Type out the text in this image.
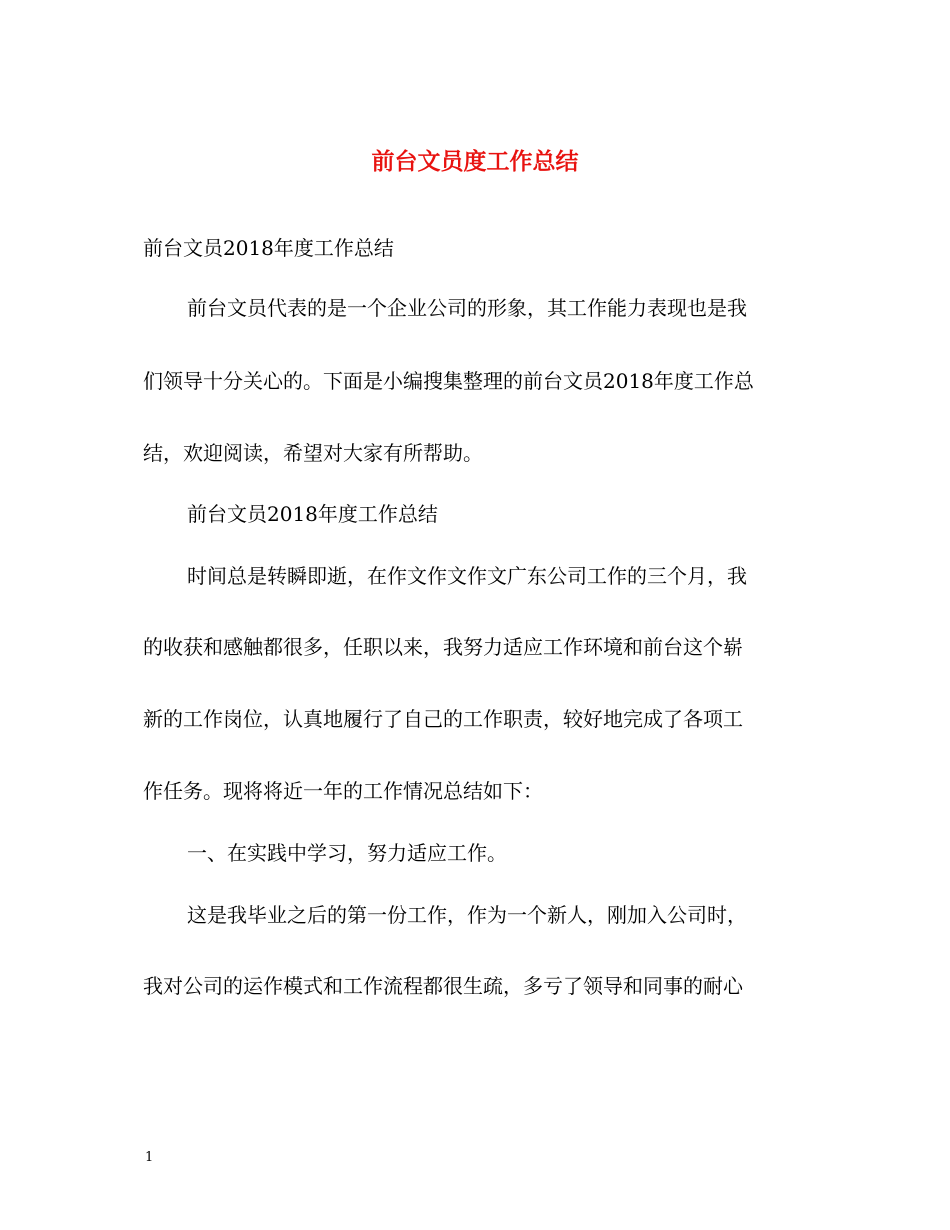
前台文员度工作总结
前台文员2018年度工作总结
前台文员代表的是一个企业公司的形象，其工作能力表现也是我
们领导十分关心的。下面是小编搜集整理的前台文员2018年度工作总
结，欢迎阅读，希望对大家有所帮助。
前台文员2018年度工作总结
时间总是转瞬即逝，在作文作文作文广东公司工作的三个月，我
的收获和感触都很多，任职以来，我努力适应工作环境和前台这个崭
新的工作岗位，认真地履行了自己的工作职责，较好地完成了各项工
作任务。现将将近一年的工作情况总结如下：
一、在实践中学习，努力适应工作。
这是我毕业之后的第一份工作，作为一个新人，刚加入公司时，
我对公司的运作模式和工作流程都很生疏，多亏了领导和同事的耐心
1
